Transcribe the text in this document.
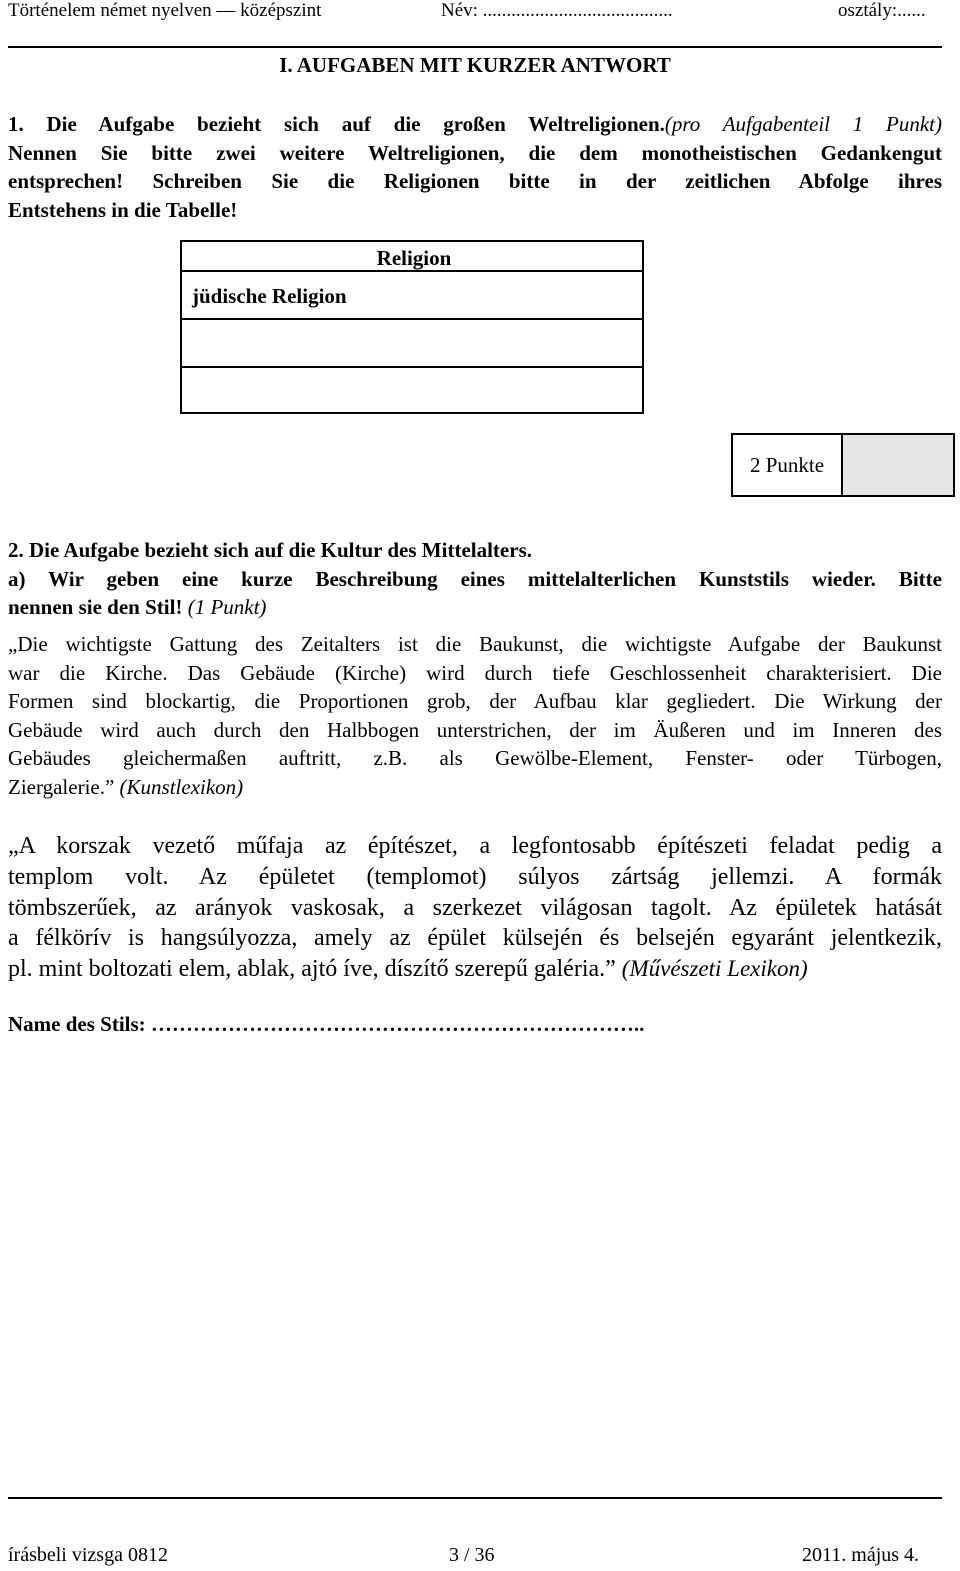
Történelem német nyelven — középszint	Név: ........................................	osztály:......
I. AUFGABEN MIT KURZER ANTWORT
1. Die Aufgabe bezieht sich auf die großen Weltreligionen.(pro Aufgabenteil 1 Punkt)
Nennen Sie bitte zwei weitere Weltreligionen, die dem monotheistischen Gedankengut
entsprechen! Schreiben Sie die Religionen bitte in der zeitlichen Abfolge ihres
Entstehens in die Tabelle!
Religion
jüdische Religion
2 Punkte
2. Die Aufgabe bezieht sich auf die Kultur des Mittelalters.
a) Wir geben eine kurze Beschreibung eines mittelalterlichen Kunststils wieder. Bitte
nennen sie den Stil! (1 Punkt)
„Die wichtigste Gattung des Zeitalters ist die Baukunst, die wichtigste Aufgabe der Baukunst
war die Kirche. Das Gebäude (Kirche) wird durch tiefe Geschlossenheit charakterisiert. Die
Formen sind blockartig, die Proportionen grob, der Aufbau klar gegliedert. Die Wirkung der
Gebäude wird auch durch den Halbbogen unterstrichen, der im Äußeren und im Inneren des
Gebäudes gleichermaßen auftritt, z.B. als Gewölbe-Element, Fenster- oder Türbogen,
Ziergalerie.” (Kunstlexikon)
„A korszak vezető műfaja az építészet, a legfontosabb építészeti feladat pedig a
templom volt. Az épületet (templomot) súlyos zártság jellemzi. A formák
tömbszerűek, az arányok vaskosak, a szerkezet világosan tagolt. Az épületek hatását
a félkörív is hangsúlyozza, amely az épület külsején és belsején egyaránt jelentkezik,
pl. mint boltozati elem, ablak, ajtó íve, díszítő szerepű galéria.” (Művészeti Lexikon)
Name des Stils: ……………………………………………………………..
írásbeli vizsga 0812	3 / 36	2011. május 4.
